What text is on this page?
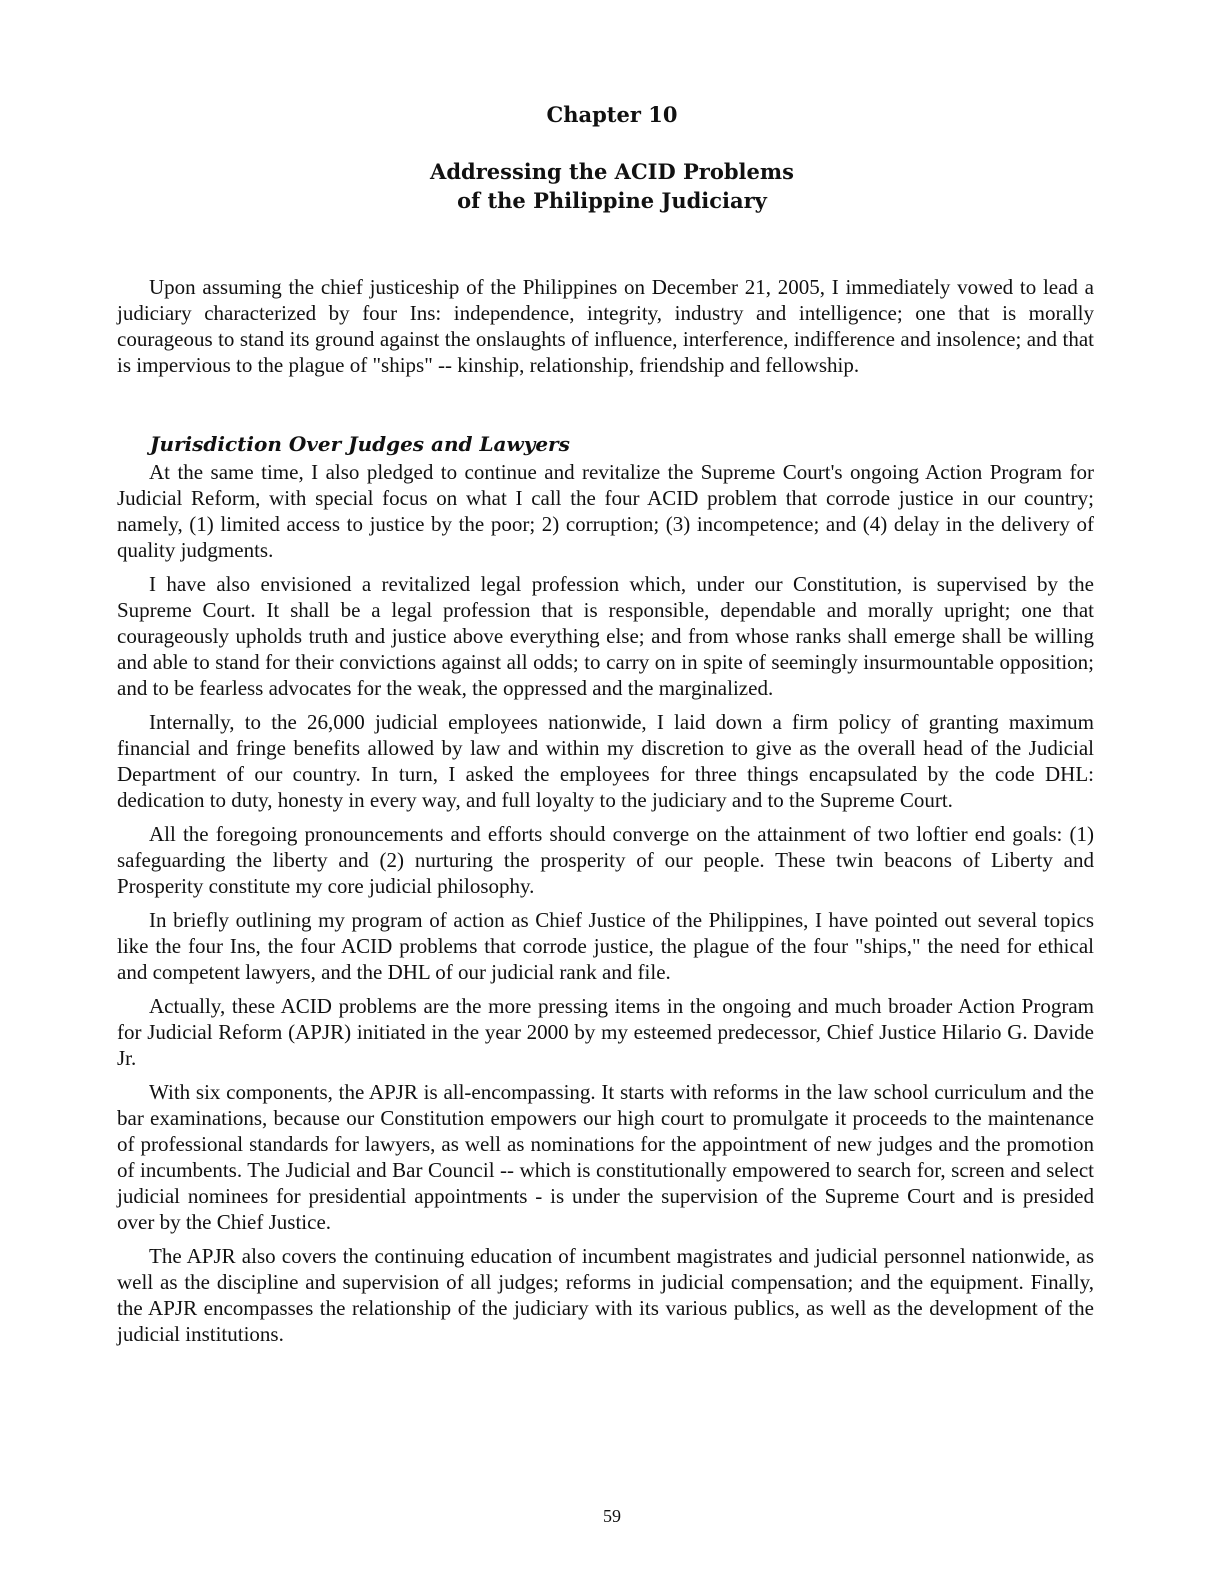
Chapter 10
Addressing the ACID Problems
of the Philippine Judiciary

Upon assuming the chief justiceship of the Philippines on December 21, 2005, I immediately vowed to lead a judiciary characterized by four Ins: independence, integrity, industry and intelligence; one that is morally courageous to stand its ground against the onslaughts of influence, interference, indifference and insolence; and that is impervious to the plague of "ships" -- kinship, relationship, friendship and fellowship.

Jurisdiction Over Judges and Lawyers

At the same time, I also pledged to continue and revitalize the Supreme Court's ongoing Action Program for Judicial Reform, with special focus on what I call the four ACID problem that corrode justice in our country; namely, (1) limited access to justice by the poor; 2) corruption; (3) incompetence; and (4) delay in the delivery of quality judgments.

I have also envisioned a revitalized legal profession which, under our Constitution, is supervised by the Supreme Court. It shall be a legal profession that is responsible, dependable and morally upright; one that courageously upholds truth and justice above everything else; and from whose ranks shall emerge shall be willing and able to stand for their convictions against all odds; to carry on in spite of seemingly insurmountable opposition; and to be fearless advocates for the weak, the oppressed and the marginalized.

Internally, to the 26,000 judicial employees nationwide, I laid down a firm policy of granting maximum financial and fringe benefits allowed by law and within my discretion to give as the overall head of the Judicial Department of our country. In turn, I asked the employees for three things encapsulated by the code DHL: dedication to duty, honesty in every way, and full loyalty to the judiciary and to the Supreme Court.

All the foregoing pronouncements and efforts should converge on the attainment of two loftier end goals: (1) safeguarding the liberty and (2) nurturing the prosperity of our people. These twin beacons of Liberty and Prosperity constitute my core judicial philosophy.

In briefly outlining my program of action as Chief Justice of the Philippines, I have pointed out several topics like the four Ins, the four ACID problems that corrode justice, the plague of the four "ships," the need for ethical and competent lawyers, and the DHL of our judicial rank and file.

Actually, these ACID problems are the more pressing items in the ongoing and much broader Action Program for Judicial Reform (APJR) initiated in the year 2000 by my esteemed predecessor, Chief Justice Hilario G. Davide Jr.

With six components, the APJR is all-encompassing. It starts with reforms in the law school curriculum and the bar examinations, because our Constitution empowers our high court to promulgate it proceeds to the maintenance of professional standards for lawyers, as well as nominations for the appointment of new judges and the promotion of incumbents. The Judicial and Bar Council -- which is constitutionally empowered to search for, screen and select judicial nominees for presidential appointments - is under the supervision of the Supreme Court and is presided over by the Chief Justice.

The APJR also covers the continuing education of incumbent magistrates and judicial personnel nationwide, as well as the discipline and supervision of all judges; reforms in judicial compensation; and the equipment. Finally, the APJR encompasses the relationship of the judiciary with its various publics, as well as the development of the judicial institutions.

59
